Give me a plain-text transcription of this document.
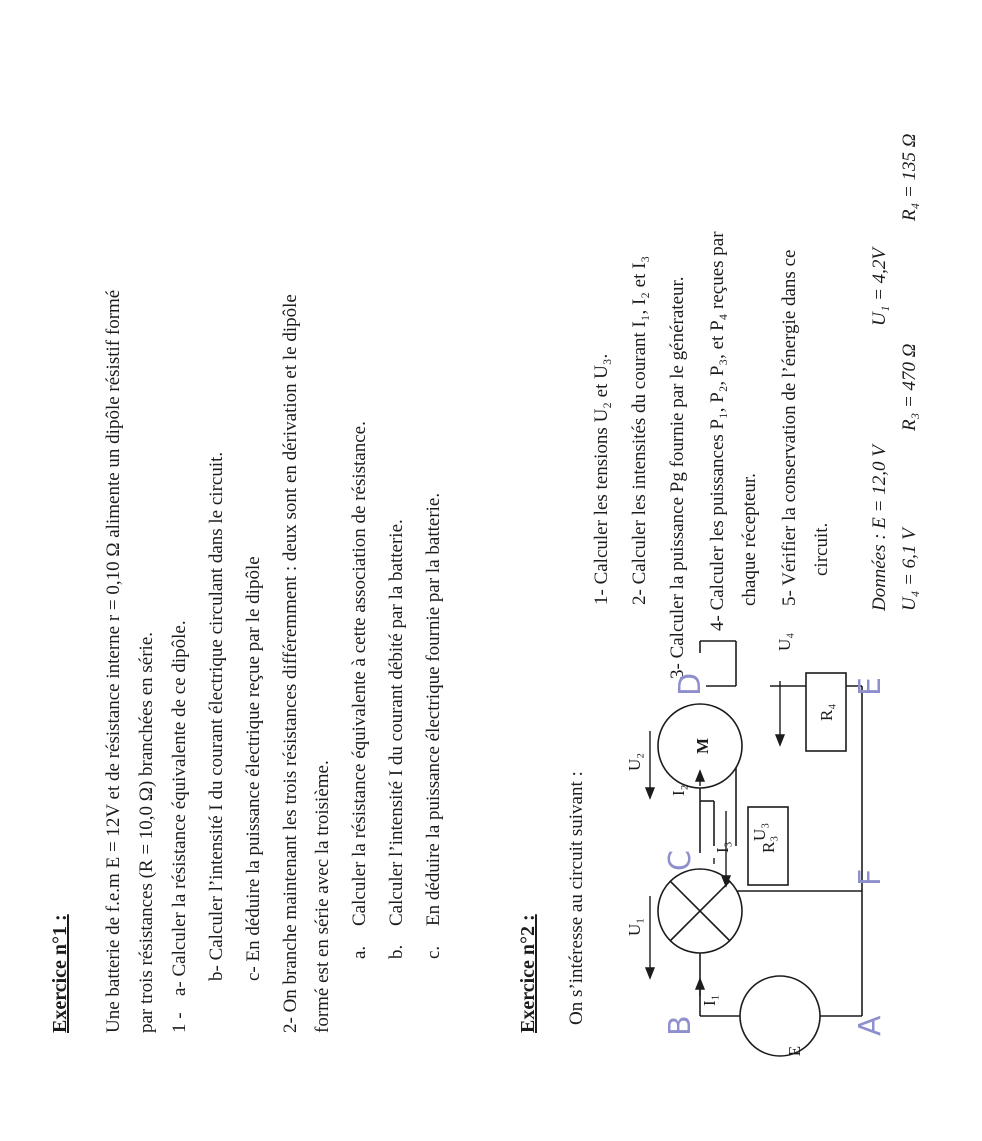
Exercice n°1 : Une batterie de f.e.m E = 12V et de résistance interne r = 0,10 Ω alimente un dipôle résistif formé par trois résistances (R = 10,0 Ω) branchées en série. 1 -
a- Calculer la résistance équivalente de ce dipôle. b- Calculer l’intensité I du courant électrique circulant dans le circuit. c- En déduire la puissance électrique reçue par le dipôle 2- On branche maintenant les trois résistances différemment : deux sont en dérivation et le dipôle formé est en série avec la troisième. a.
Calculer la résistance équivalente à cette association de résistance.
b.
Calculer l’intensité I du courant débité par la batterie.
c.
En déduire la puissance électrique fournie par la batterie.
Exercice n°2 : On s’intéresse au circuit suivant :
1- Calculer les tensions U₂ et U₃. 2- Calculer les intensités du courant I₁, I₂ et I₃ 3- Calculer la puissance Pg fournie par le générateur. 4- Calculer les puissances P₁, P₂, P₃, et P₄ reçues par chaque récepteur. 5- Vérifier la conservation de l’énergie dans ce circuit. Données : E = 12,0 V
U₁ = 4,2V
U₄ = 6,1 V
R₃ = 470 Ω
R₄ = 135 Ω
E
U₁
U₂
U₃
U₄
I₁
I₂
I₃ R₃
R₄
M
B	A
C
D	E
F
